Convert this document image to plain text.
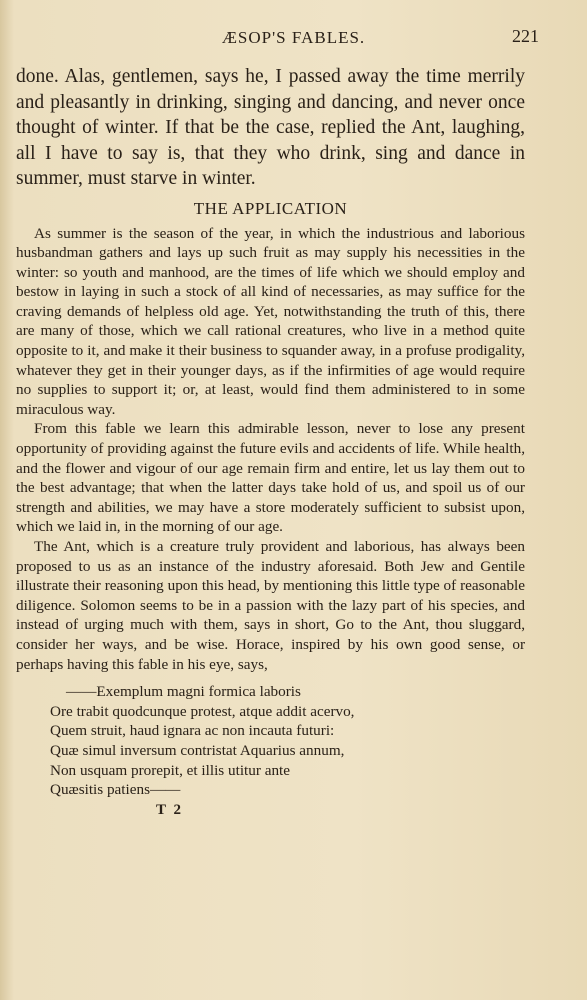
ÆSOP'S FABLES.	221

done. Alas, gentlemen, says he, I passed away the time merrily and pleasantly in drinking, singing and dancing, and never once thought of winter. If that be the case, replied the Ant, laughing, all I have to say is, that they who drink, sing and dance in summer, must starve in winter.

THE APPLICATION

As summer is the season of the year, in which the industrious and laborious husbandman gathers and lays up such fruit as may supply his necessities in the winter: so youth and manhood, are the times of life which we should employ and bestow in laying in such a stock of all kind of necessaries, as may suffice for the craving demands of helpless old age. Yet, notwithstanding the truth of this, there are many of those, which we call rational creatures, who live in a method quite opposite to it, and make it their business to squander away, in a profuse prodigality, whatever they get in their younger days, as if the infirmities of age would require no supplies to support it; or, at least, would find them administered to in some miraculous way.

From this fable we learn this admirable lesson, never to lose any present opportunity of providing against the future evils and accidents of life. While health, and the flower and vigour of our age remain firm and entire, let us lay them out to the best advantage; that when the latter days take hold of us, and spoil us of our strength and abilities, we may have a store moderately sufficient to subsist upon, which we laid in, in the morning of our age.

The Ant, which is a creature truly provident and laborious, has always been proposed to us as an instance of the industry aforesaid. Both Jew and Gentile illustrate their reasoning upon this head, by mentioning this little type of reasonable diligence. Solomon seems to be in a passion with the lazy part of his species, and instead of urging much with them, says in short, Go to the Ant, thou sluggard, consider her ways, and be wise. Horace, inspired by his own good sense, or perhaps having this fable in his eye, says,

——Exemplum magni formica laboris
Ore trabit quodcunque protest, atque addit acervo,
Quem struit, haud ignara ac non incauta futuri:
Quæ simul inversum contristat Aquarius annum,
Non usquam prorepit, et illis utitur ante
Quæsitis patiens——
T 2
